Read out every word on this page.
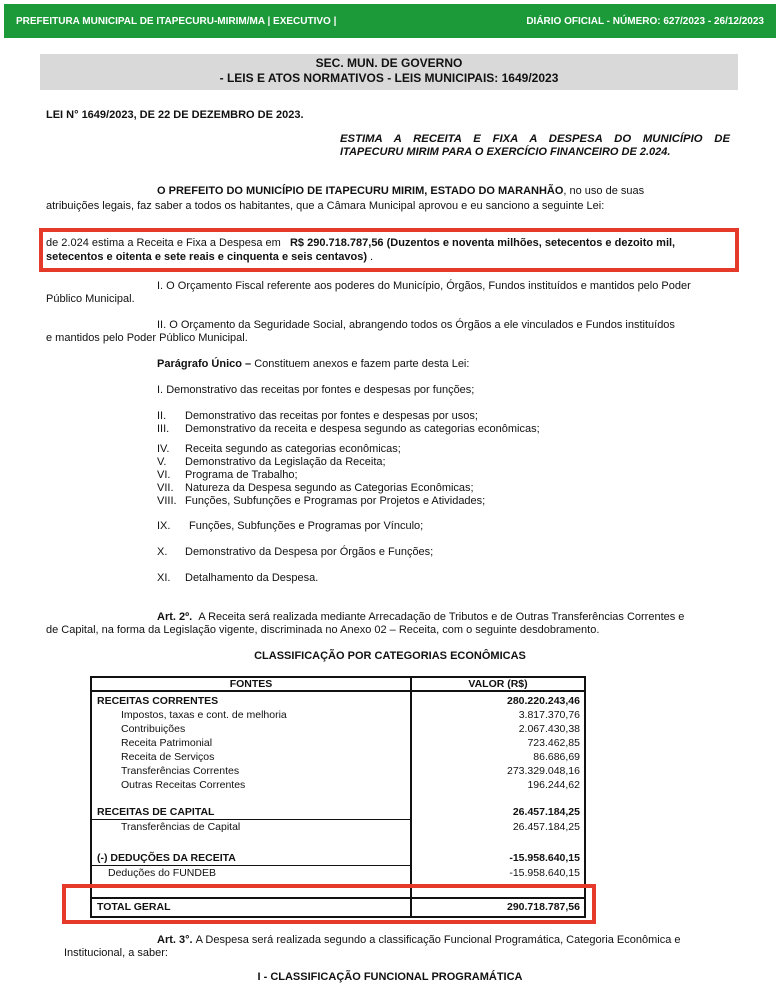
PREFEITURA MUNICIPAL DE ITAPECURU-MIRIM/MA | EXECUTIVO |	DIÁRIO OFICIAL - NÚMERO: 627/2023 - 26/12/2023
SEC. MUN. DE GOVERNO
- LEIS E ATOS NORMATIVOS - LEIS MUNICIPAIS: 1649/2023
LEI N° 1649/2023, DE 22 DE DEZEMBRO DE 2023.
ESTIMA A RECEITA E FIXA A DESPESA DO MUNICÍPIO DE
ITAPECURU MIRIM PARA O EXERCÍCIO FINANCEIRO DE 2.024.
O PREFEITO DO MUNICÍPIO DE ITAPECURU MIRIM, ESTADO DO MARANHÃO, no uso de suas
atribuições legais, faz saber a todos os habitantes, que a Câmara Municipal aprovou e eu sanciono a seguinte Lei:
de 2.024 estima a Receita e Fixa a Despesa em R$ 290.718.787,56 (Duzentos e noventa milhões, setecentos e dezoito mil,
setecentos e oitenta e sete reais e cinquenta e seis centavos) .
I. O Orçamento Fiscal referente aos poderes do Município, Órgãos, Fundos instituídos e mantidos pelo Poder
Público Municipal.
II. O Orçamento da Seguridade Social, abrangendo todos os Órgãos a ele vinculados e Fundos instituídos
e mantidos pelo Poder Público Municipal.
Parágrafo Único – Constituem anexos e fazem parte desta Lei:
I. Demonstrativo das receitas por fontes e despesas por funções;
II. Demonstrativo das receitas por fontes e despesas por usos;
III. Demonstrativo da receita e despesa segundo as categorias econômicas;
IV. Receita segundo as categorias econômicas;
V. Demonstrativo da Legislação da Receita;
VI. Programa de Trabalho;
VII. Natureza da Despesa segundo as Categorias Econômicas;
VIII. Funções, Subfunções e Programas por Projetos e Atividades;
IX. Funções, Subfunções e Programas por Vínculo;
X. Demonstrativo da Despesa por Órgãos e Funções;
XI. Detalhamento da Despesa.
Art. 2º. A Receita será realizada mediante Arrecadação de Tributos e de Outras Transferências Correntes e
de Capital, na forma da Legislação vigente, discriminada no Anexo 02 – Receita, com o seguinte desdobramento.
CLASSIFICAÇÃO POR CATEGORIAS ECONÔMICAS
FONTES	VALOR (R$)
RECEITAS CORRENTES	280.220.243,46
Impostos, taxas e cont. de melhoria	3.817.370,76
Contribuições	2.067.430,38
Receita Patrimonial	723.462,85
Receita de Serviços	86.686,69
Transferências Correntes	273.329.048,16
Outras Receitas Correntes	196.244,62
RECEITAS DE CAPITAL	26.457.184,25
Transferências de Capital	26.457.184,25
(-) DEDUÇÕES DA RECEITA	-15.958.640,15
Deduções do FUNDEB	-15.958.640,15
TOTAL GERAL	290.718.787,56
Art. 3°. A Despesa será realizada segundo a classificação Funcional Programática, Categoria Econômica e
Institucional, a saber:
I - CLASSIFICAÇÃO FUNCIONAL PROGRAMÁTICA
